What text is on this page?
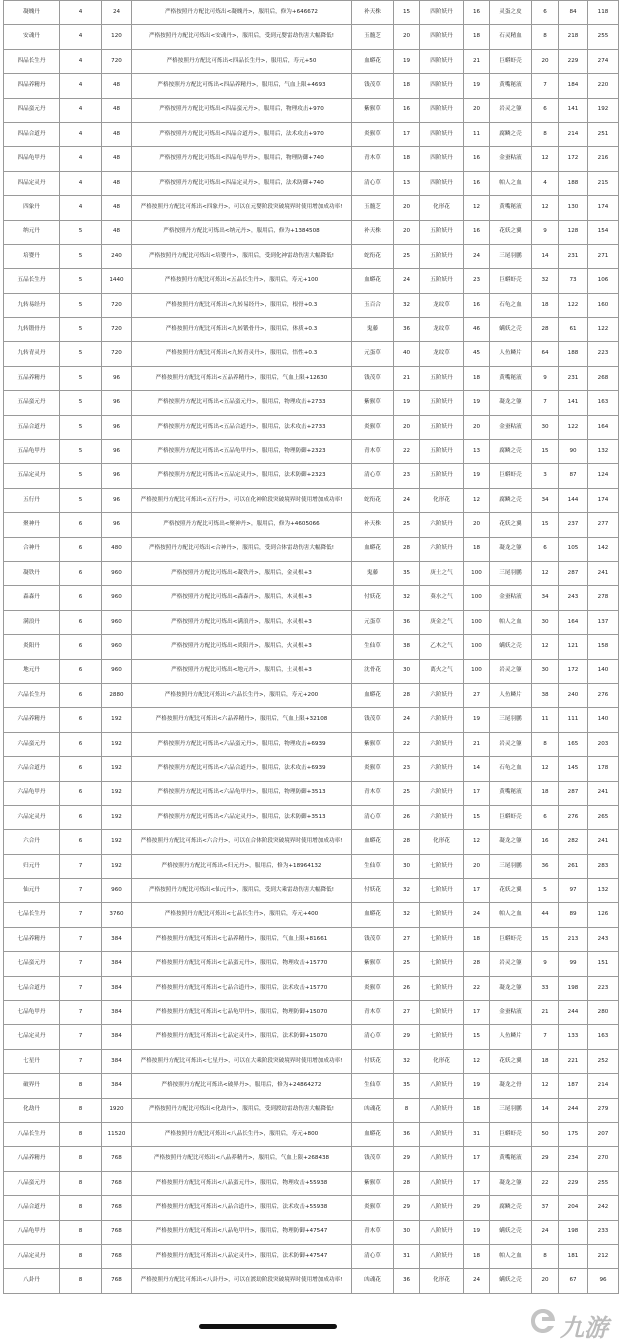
凝魄丹	4	24	严格按照丹方配比可炼出<凝魄丹>，服用后，修为+646672	补天株	15	四阶妖丹	16	灵蛋之皮	6	84	118
安魂丹	4	120	严格按照丹方配比可炼出<安魂丹>，服用后，受到元婴雷劫伤害大幅降低!	玉髓芝	20	四阶妖丹	18	石灵精血	8	218	255
四品长生丹	4	720	严格按照丹方配比可炼出<四品长生丹>，服用后，寿元+50	血蟒花	19	四阶妖丹	21	巨蟒虾壳	20	229	274
四品养精丹	4	48	严格按照丹方配比可炼出<四品养精丹>，服用后，气血上限+4693	钱茂草	18	四阶妖丹	19	黄嘴秘液	7	184	220
四品蛮元丹	4	48	严格按照丹方配比可炼出<四品蛮元丹>，服用后，物理攻击+970	紫猴草	16	四阶妖丹	20	岩灵之躯	6	141	192
四品合道丹	4	48	严格按照丹方配比可炼出<四品合道丹>，服用后，法术攻击+970	炎猴草	17	四阶妖丹	11	腐鳞之壳	8	214	251
四品龟甲丹	4	48	严格按照丹方配比可炼出<四品龟甲丹>，服用后，物理防御+740	青木草	18	四阶妖丹	16	金蚕粘液	12	172	216
四品定灵丹	4	48	严格按照丹方配比可炼出<四品定灵丹>，服用后，法术防御+740	清心草	13	四阶妖丹	16	帕人之血	4	188	215
四象丹	4	48	严格按照丹方配比可炼出<四象丹>，可以在元婴阶段突破境界时使用增加成功率!	玉髓芝	20	化形花	12	黄嘴秘液	12	130	174
纳元丹	5	48	严格按照丹方配比可炼出<纳元丹>，服用后，修为+1384508	补天株	20	五阶妖丹	16	花妖之翼	9	128	154
培婴丹	5	240	严格按照丹方配比可炼出<培婴丹>，服用后，受到化神雷劫伤害大幅降低!	蛇衔花	25	五阶妖丹	24	三尾羽鹏	14	231	271
五品长生丹	5	1440	严格按照丹方配比可炼出<五品长生丹>，服用后，寿元+100	血蟒花	24	五阶妖丹	23	巨蟒虾壳	32	73	106
九转易经丹	5	720	严格按照丹方配比可炼出<九转易经丹>，服用后，根骨+0.3	玉百合	32	龙纹草	16	石龟之血	18	122	160
九转锻骨丹	5	720	严格按照丹方配比可炼出<九转锻骨丹>，服用后，体质+0.3	鬼藤	36	龙纹草	46	螨妖之壳	28	61	122
九转青灵丹	5	720	严格按照丹方配比可炼出<九转青灵丹>，服用后，悟性+0.3	元蛋草	40	龙纹草	45	人鱼鳞片	64	188	223
五品养精丹	5	96	严格按照丹方配比可炼出<五品养精丹>，服用后，气血上限+12630	钱茂草	21	五阶妖丹	18	黄嘴秘液	9	231	268
五品蛮元丹	5	96	严格按照丹方配比可炼出<五品蛮元丹>，服用后，物理攻击+2733	紫猴草	19	五阶妖丹	19	凝龙之躯	7	141	163
五品合道丹	5	96	严格按照丹方配比可炼出<五品合道丹>，服用后，法术攻击+2733	炎猴草	20	五阶妖丹	20	金蚕粘液	30	122	164
五品龟甲丹	5	96	严格按照丹方配比可炼出<五品龟甲丹>，服用后，物理防御+2323	青木草	22	五阶妖丹	13	腐鳞之壳	15	90	132
五品定灵丹	5	96	严格按照丹方配比可炼出<五品定灵丹>，服用后，法术防御+2323	清心草	23	五阶妖丹	19	巨蟒虾壳	3	87	124
五行丹	5	96	严格按照丹方配比可炼出<五行丹>，可以在化神阶段突破境界时使用增加成功率!	蛇衔花	24	化形花	12	腐鳞之壳	34	144	174
聚神丹	6	96	严格按照丹方配比可炼出<聚神丹>，服用后，修为+4605066	补天株	25	六阶妖丹	20	花妖之翼	15	237	277
合神丹	6	480	严格按照丹方配比可炼出<合神丹>，服用后，受到合体雷劫伤害大幅降低!	血蟒花	28	六阶妖丹	18	凝龙之躯	6	105	142
凝铁丹	6	960	严格按照丹方配比可炼出<凝铁丹>，服用后，金灵根+3	鬼藤	35	庚土之气	100	三尾羽鹏	12	287	241
森森丹	6	960	严格按照丹方配比可炼出<森森丹>，服用后，木灵根+3	付妖花	32	葵水之气	100	金蚕粘液	34	243	278
满浪丹	6	960	严格按照丹方配比可炼出<满浪丹>，服用后，水灵根+3	元蛋草	36	庚金之气	100	帕人之血	30	164	137
炎阳丹	6	960	严格按照丹方配比可炼出<炎阳丹>，服用后，火灵根+3	生仙草	38	乙木之气	100	螨妖之壳	12	121	158
地元丹	6	960	严格按照丹方配比可炼出<地元丹>，服用后，土灵根+3	沈骨花	30	离火之气	100	岩灵之躯	30	172	140
六品长生丹	6	2880	严格按照丹方配比可炼出<六品长生丹>，服用后，寿元+200	血蟒花	28	六阶妖丹	27	人鱼鳞片	38	240	276
六品养精丹	6	192	严格按照丹方配比可炼出<六品养精丹>，服用后，气血上限+32108	钱茂草	24	六阶妖丹	19	三尾羽鹏	11	111	140
六品蛮元丹	6	192	严格按照丹方配比可炼出<六品蛮元丹>，服用后，物理攻击+6939	紫猴草	22	六阶妖丹	21	岩灵之躯	8	165	203
六品合道丹	6	192	严格按照丹方配比可炼出<六品合道丹>，服用后，法术攻击+6939	炎猴草	23	六阶妖丹	14	石龟之血	12	145	178
六品龟甲丹	6	192	严格按照丹方配比可炼出<六品龟甲丹>，服用后，物理防御+3513	青木草	25	六阶妖丹	17	黄嘴秘液	18	287	241
六品定灵丹	6	192	严格按照丹方配比可炼出<六品定灵丹>，服用后，法术防御+3513	清心草	26	六阶妖丹	15	巨蟒虾壳	6	276	265
六合丹	6	192	严格按照丹方配比可炼出<六合丹>，可以在合体阶段突破境界时使用增加成功率!	血蟒花	28	化形花	12	凝龙之躯	16	282	241
归元丹	7	192	严格按照丹方配比可炼出<归元丹>，服用后，修为+18964132	生仙草	30	七阶妖丹	20	三尾羽鹏	36	261	283
仙元丹	7	960	严格按照丹方配比可炼出<仙元丹>，服用后，受到大乘雷劫伤害大幅降低!	付妖花	32	七阶妖丹	17	花妖之翼	5	97	132
七品长生丹	7	3760	严格按照丹方配比可炼出<七品长生丹>，服用后，寿元+400	血蟒花	32	七阶妖丹	24	帕人之血	44	89	126
七品养精丹	7	384	严格按照丹方配比可炼出<七品养精丹>，服用后，气血上限+81661	钱茂草	27	七阶妖丹	18	巨蟒虾壳	15	213	243
七品蛮元丹	7	384	严格按照丹方配比可炼出<七品蛮元丹>，服用后，物理攻击+15770	紫猴草	25	七阶妖丹	28	岩灵之躯	9	99	151
七品合道丹	7	384	严格按照丹方配比可炼出<七品合道丹>，服用后，法术攻击+15770	炎猴草	26	七阶妖丹	22	凝龙之躯	33	198	223
七品龟甲丹	7	384	严格按照丹方配比可炼出<七品龟甲丹>，服用后，物理防御+15070	青木草	27	七阶妖丹	17	金蚕粘液	21	244	280
七品定灵丹	7	384	严格按照丹方配比可炼出<七品定灵丹>，服用后，法术防御+15070	清心草	29	七阶妖丹	15	人鱼鳞片	7	133	163
七星丹	7	384	严格按照丹方配比可炼出<七星丹>，可以在大乘阶段突破境界时使用增加成功率!	付妖花	32	化形花	12	花妖之翼	18	221	252
破界丹	8	384	严格按照丹方配比可炼出<破界丹>，服用后，修为+24864272	生仙草	35	八阶妖丹	19	凝龙之骨	12	187	214
化劫丹	8	1920	严格按照丹方配比可炼出<化劫丹>，服用后，受到渡劫雷劫伤害大幅降低!	凶魂花	8	八阶妖丹	18	三尾羽鹏	14	244	279
八品长生丹	8	11520	严格按照丹方配比可炼出<八品长生丹>，服用后，寿元+800	血蟒花	36	八阶妖丹	31	巨蟒虾壳	50	175	207
八品养精丹	8	768	严格按照丹方配比可炼出<八品养精丹>，服用后，气血上限+268438	钱茂草	29	八阶妖丹	17	黄嘴秘液	29	234	270
八品蛮元丹	8	768	严格按照丹方配比可炼出<八品蛮元丹>，服用后，物理攻击+55938	紫猴草	28	八阶妖丹	17	凝龙之躯	22	229	255
八品合道丹	8	768	严格按照丹方配比可炼出<八品合道丹>，服用后，法术攻击+55938	炎猴草	29	八阶妖丹	29	腐鳞之壳	37	204	242
八品龟甲丹	8	768	严格按照丹方配比可炼出<八品龟甲丹>，服用后，物理防御+47547	青木草	30	八阶妖丹	19	螨妖之壳	24	198	233
八品定灵丹	8	768	严格按照丹方配比可炼出<八品定灵丹>，服用后，法术防御+47547	清心草	31	八阶妖丹	18	帕人之血	8	181	212
八卦丹	8	768	严格按照丹方配比可炼出<八卦丹>，可以在渡劫阶段突破境界时使用增加成功率!	凶魂花	36	化形花	24	螨妖之壳	20	67	96
九游
